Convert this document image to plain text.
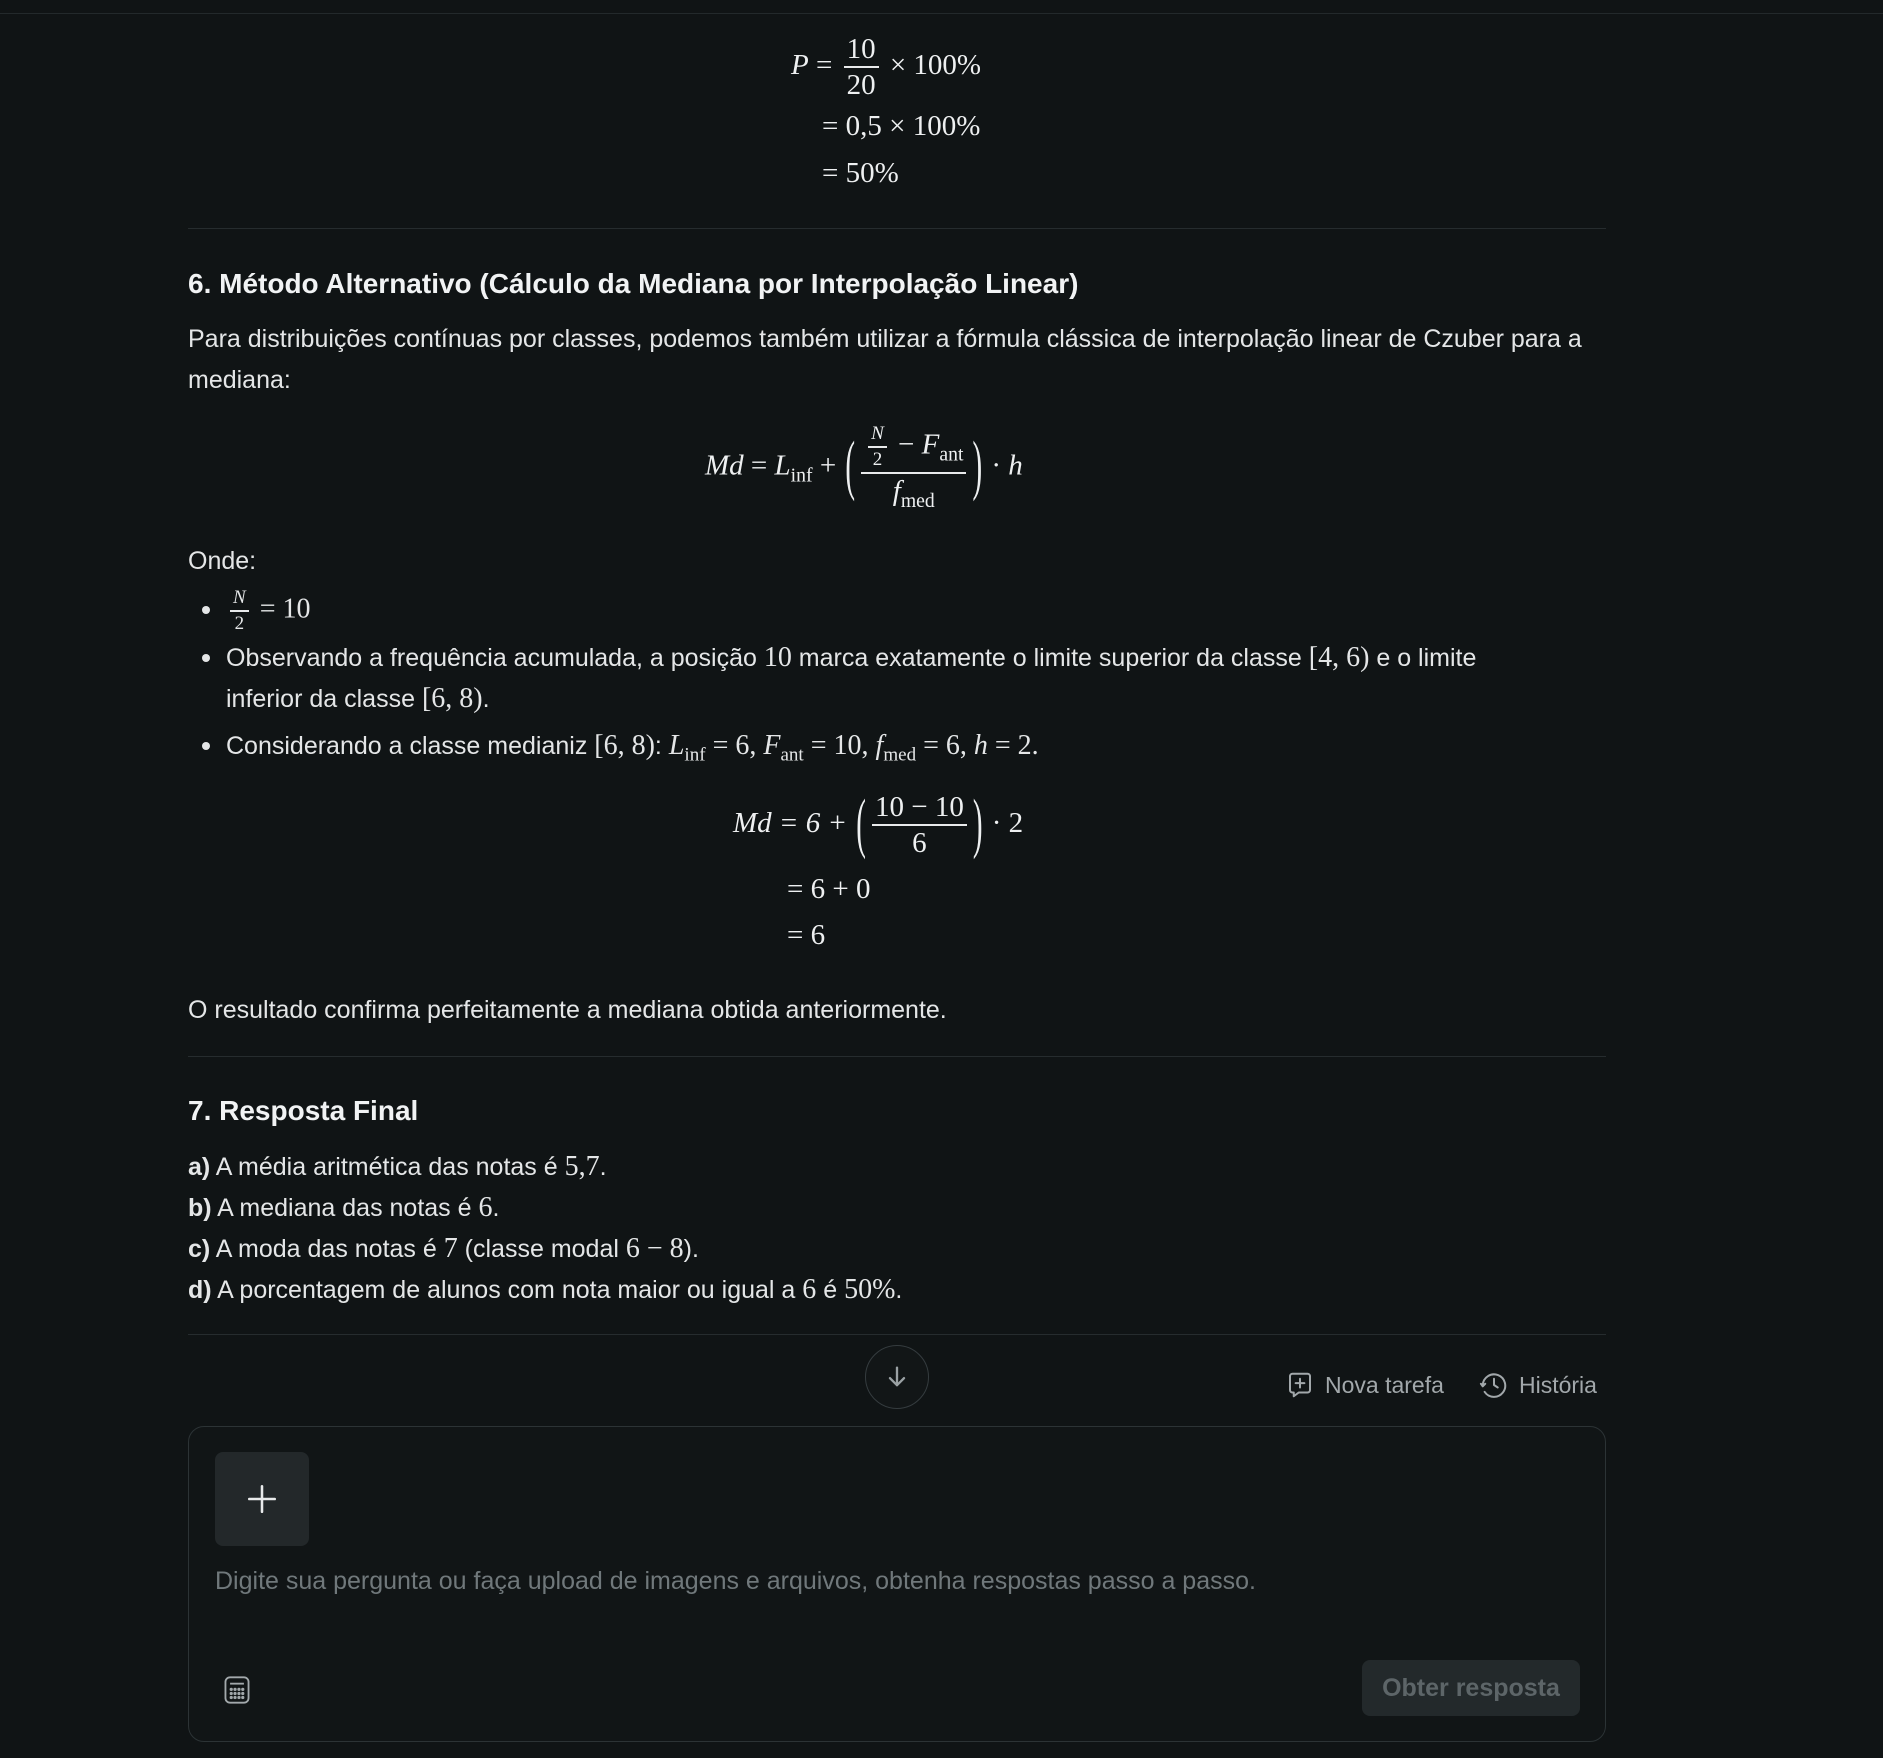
$P = \frac{10}{20} \times 100\%$
= 0,5 × 100%
= 50%
6. Método Alternativo (Cálculo da Mediana por Interpolação Linear)
Para distribuições contínuas por classes, podemos também utilizar a fórmula clássica de interpolação linear de Czuber para a mediana:
$Md = L_{inf}$ + ( $\frac{\frac{N}{2} - F_{ant}}{f_{med}}$ ) · h
Onde:
$\frac{N}{2} = 10$
Observando a frequência acumulada, a posição 10 marca exatamente o limite superior da classe [4, 6) e o limite
inferior da classe [6, 8).
Considerando a classe medianiz [6, 8): $L_{inf} = 6$, $F_{ant} = 10$, $f_{med} = 6$, h = 2.
Md = 6 + ( $\frac{10 - 10}{6}$ ) · 2
= 6 + 0
= 6
O resultado confirma perfeitamente a mediana obtida anteriormente.
7. Resposta Final
a) A média aritmética das notas é 5,7.
b) A mediana das notas é 6.
c) A moda das notas é 7 (classe modal 6 − 8).
d) A porcentagem de alunos com nota maior ou igual a 6 é 50%.
Nova tarefa	História
Digite sua pergunta ou faça upload de imagens e arquivos, obtenha respostas passo a passo.
Obter resposta
